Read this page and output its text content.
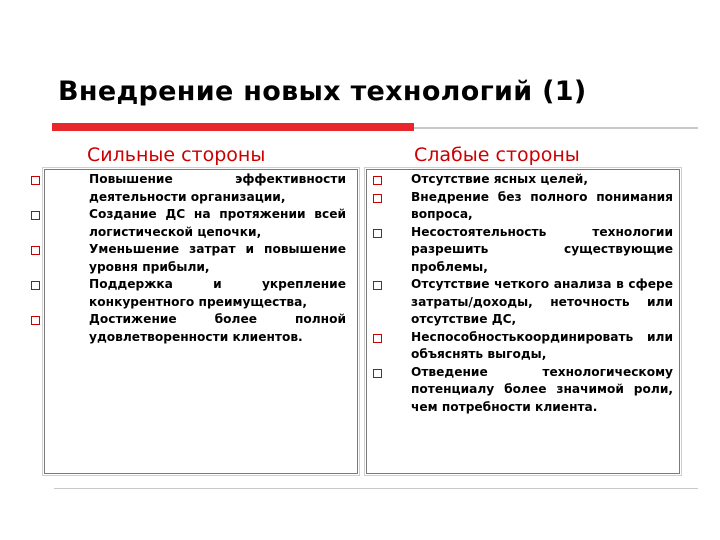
Внедрение новых технологий (1)
Сильные стороны	Слабые стороны
Повышение эффективности деятельности организации,
Создание ДС на протяжении всей логистической цепочки,
Уменьшение затрат и повышение уровня прибыли,
Поддержка и укрепление конкурентного преимущества,
Достижение более полной удовлетворенности клиентов.
Отсутствие ясных целей,
Внедрение без полного понимания вопроса,
Несостоятельность технологии разрешить существующие проблемы,
Отсутствие четкого анализа в сфере затраты/доходы, неточность или отсутствие ДС,
Неспособностькоординировать или объяснять выгоды,
Отведение технологическому потенциалу более значимой роли, чем потребности клиента.
